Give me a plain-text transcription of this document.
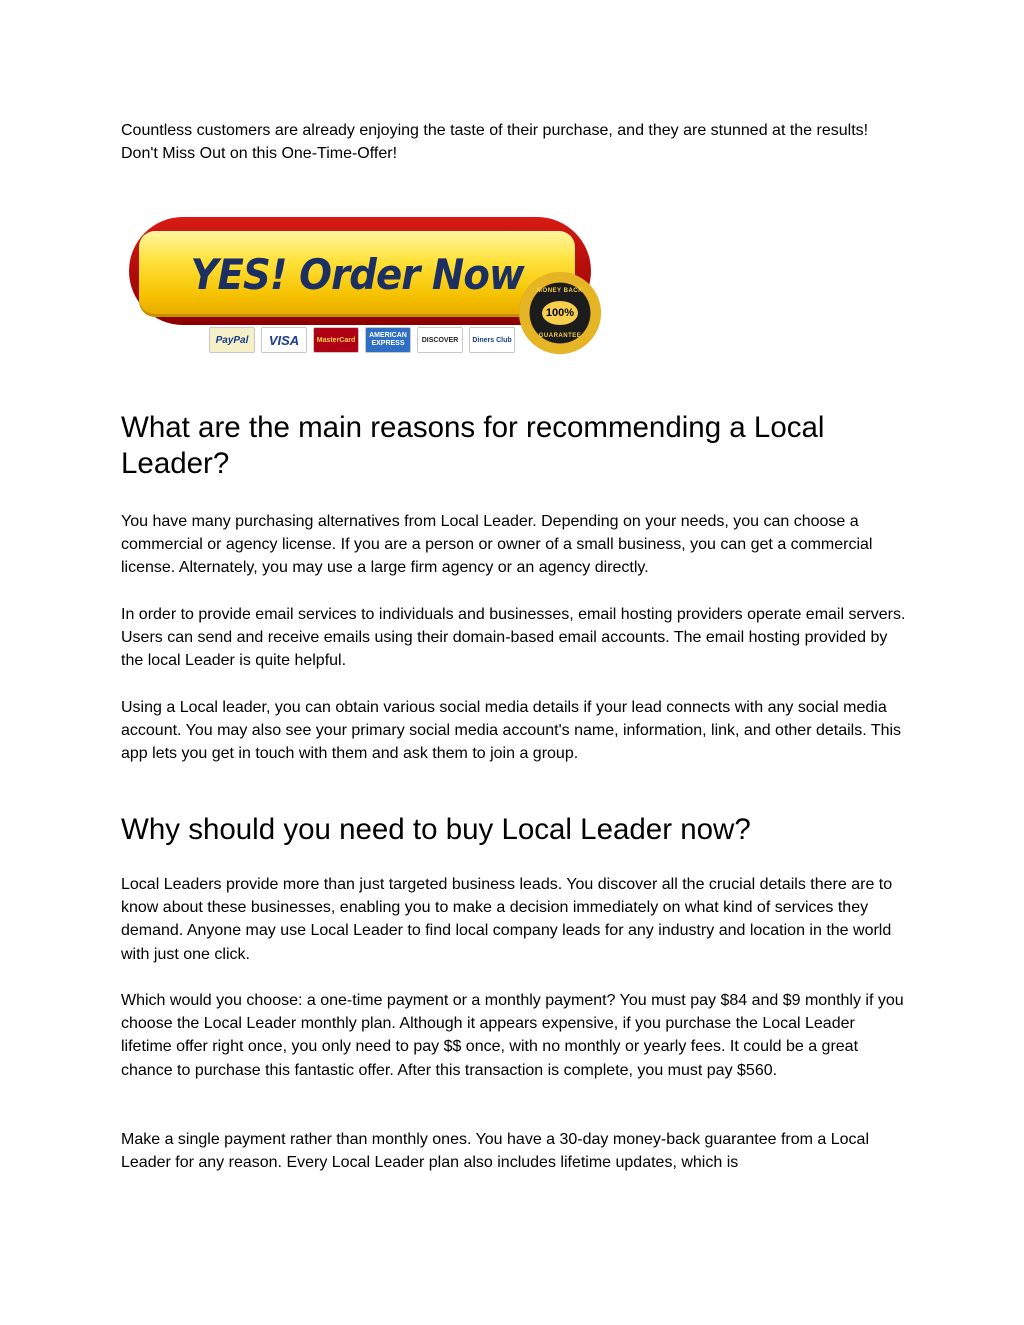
Countless customers are already enjoying the taste of their purchase, and they are stunned at the results! Don't Miss Out on this One-Time-Offer!

What are the main reasons for recommending a Local Leader?

You have many purchasing alternatives from Local Leader. Depending on your needs, you can choose a commercial or agency license. If you are a person or owner of a small business, you can get a commercial license. Alternately, you may use a large firm agency or an agency directly.

In order to provide email services to individuals and businesses, email hosting providers operate email servers. Users can send and receive emails using their domain-based email accounts. The email hosting provided by the local Leader is quite helpful.

Using a Local leader, you can obtain various social media details if your lead connects with any social media account. You may also see your primary social media account's name, information, link, and other details. This app lets you get in touch with them and ask them to join a group.

Why should you need to buy Local Leader now?

Local Leaders provide more than just targeted business leads. You discover all the crucial details there are to know about these businesses, enabling you to make a decision immediately on what kind of services they demand. Anyone may use Local Leader to find local company leads for any industry and location in the world with just one click.

Which would you choose: a one-time payment or a monthly payment? You must pay $84 and $9 monthly if you choose the Local Leader monthly plan. Although it appears expensive, if you purchase the Local Leader lifetime offer right once, you only need to pay $$ once, with no monthly or yearly fees. It could be a great chance to purchase this fantastic offer. After this transaction is complete, you must pay $560.

Make a single payment rather than monthly ones. You have a 30-day money-back guarantee from a Local Leader for any reason. Every Local Leader plan also includes lifetime updates, which is

YES! Order Now
PayPal	VISA	MasterCard
AMERICAN EXPRESS	DISCOVER	Diners Club
MONEY BACK
100%
GUARANTEE
